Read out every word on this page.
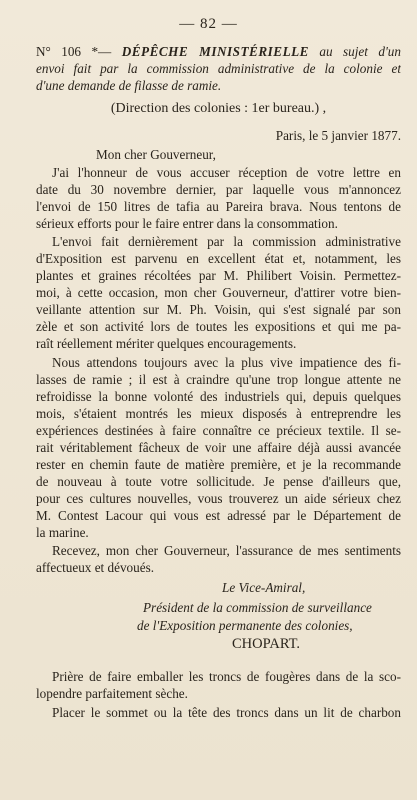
— 82 —
N° 106 *— DÉPÊCHE MINISTÉRIELLE au sujet d'un
envoi fait par la commission administrative de la colonie et
d'une demande de filasse de ramie.
(Direction des colonies : 1er bureau.) ,
Paris, le 5 janvier 1877.
Mon cher Gouverneur,
J'ai l'honneur de vous accuser réception de votre lettre en
date du 30 novembre dernier, par laquelle vous m'annoncez
l'envoi de 150 litres de tafia au Pareira brava. Nous tentons de
sérieux efforts pour le faire entrer dans la consommation.
L'envoi fait dernièrement par la commission administrative
d'Exposition est parvenu en excellent état et, notamment, les
plantes et graines récoltées par M. Philibert Voisin. Permettez-
moi, à cette occasion, mon cher Gouverneur, d'attirer votre bien-
veillante attention sur M. Ph. Voisin, qui s'est signalé par son
zèle et son activité lors de toutes les expositions et qui me pa-
raît réellement mériter quelques encouragements.
Nous attendons toujours avec la plus vive impatience des fi-
lasses de ramie ; il est à craindre qu'une trop longue attente ne
refroidisse la bonne volonté des industriels qui, depuis quelques
mois, s'étaient montrés les mieux disposés à entreprendre les
expériences destinées à faire connaître ce précieux textile. Il se-
rait véritablement fâcheux de voir une affaire déjà aussi avancée
rester en chemin faute de matière première, et je la recommande
de nouveau à toute votre sollicitude. Je pense d'ailleurs que,
pour ces cultures nouvelles, vous trouverez un aide sérieux chez
M. Contest Lacour qui vous est adressé par le Département de
la marine.
Recevez, mon cher Gouverneur, l'assurance de mes sentiments
affectueux et dévoués.
Le Vice-Amiral,
Président de la commission de surveillance
de l'Exposition permanente des colonies,
CHOPART.
Prière de faire emballer les troncs de fougères dans de la sco-
lopendre parfaitement sèche.
Placer le sommet ou la tête des troncs dans un lit de charbon
